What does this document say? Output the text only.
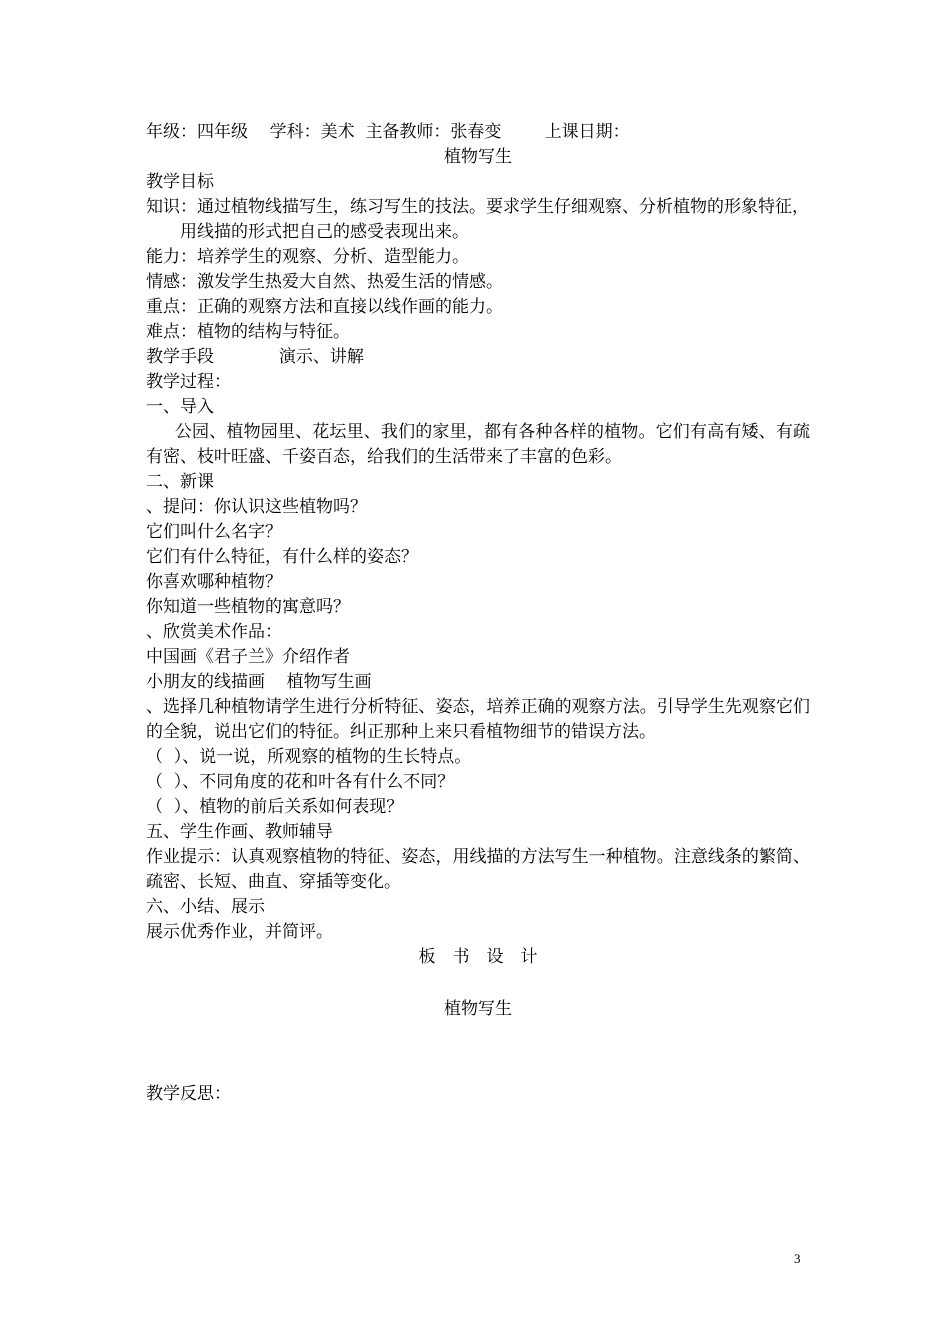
年级：四年级 学科：美术 主备教师：张春变	上课日期：
植物写生
教学目标
知识：通过植物线描写生，练习写生的技法。要求学生仔细观察、分析植物的形象特征，用线描的形式把自己的感受表现出来。
能力：培养学生的观察、分析、造型能力。
情感：激发学生热爱大自然、热爱生活的情感。
重点：正确的观察方法和直接以线作画的能力。
难点：植物的结构与特征。
教学手段	演示、讲解
教学过程：
一、导入
公园、植物园里、花坛里、我们的家里，都有各种各样的植物。它们有高有矮、有疏有密、枝叶旺盛、千姿百态，给我们的生活带来了丰富的色彩。
二、新课
、提问：你认识这些植物吗？
它们叫什么名字？
它们有什么特征，有什么样的姿态？
你喜欢哪种植物？
你知道一些植物的寓意吗？
、欣赏美术作品：
中国画《君子兰》介绍作者
小朋友的线描画 植物写生画
、选择几种植物请学生进行分析特征、姿态，培养正确的观察方法。引导学生先观察它们的全貌，说出它们的特征。纠正那种上来只看植物细节的错误方法。
（  ）、说一说，所观察的植物的生长特点。
（  ）、不同角度的花和叶各有什么不同？
（  ）、植物的前后关系如何表现？
五、学生作画、教师辅导
作业提示：认真观察植物的特征、姿态，用线描的方法写生一种植物。注意线条的繁简、疏密、长短、曲直、穿插等变化。
六、小结、展示
展示优秀作业，并简评。
板　书　设　计
植物写生
教学反思：
3
